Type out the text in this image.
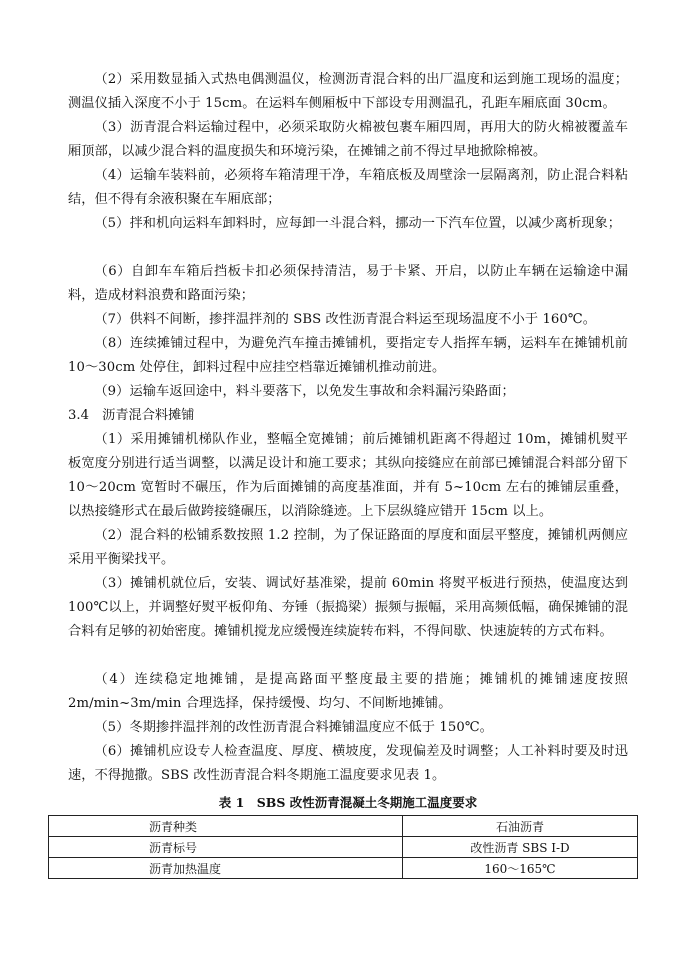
（2）采用数显插入式热电偶测温仪，检测沥青混合料的出厂温度和运到施工现场的温度；测温仪插入深度不小于 15cm。在运料车侧厢板中下部设专用测温孔，孔距车厢底面 30cm。

（3）沥青混合料运输过程中，必须采取防火棉被包裹车厢四周，再用大的防火棉被覆盖车厢顶部，以减少混合料的温度损失和环境污染，在摊铺之前不得过早地掀除棉被。

（4）运输车装料前，必须将车箱清理干净，车箱底板及周壁涂一层隔离剂，防止混合料粘结，但不得有余液积聚在车厢底部；

（5）拌和机向运料车卸料时，应每卸一斗混合料，挪动一下汽车位置，以减少离析现象；

（6）自卸车车箱后挡板卡扣必须保持清洁，易于卡紧、开启，以防止车辆在运输途中漏料，造成材料浪费和路面污染；

（7）供料不间断，掺拌温拌剂的 SBS 改性沥青混合料运至现场温度不小于 160℃。

（8）连续摊铺过程中，为避免汽车撞击摊铺机，要指定专人指挥车辆，运料车在摊铺机前 10～30cm 处停住，卸料过程中应挂空档靠近摊铺机推动前进。

（9）运输车返回途中，料斗要落下，以免发生事故和余料漏污染路面；

3.4　沥青混合料摊铺

（1）采用摊铺机梯队作业，整幅全宽摊铺；前后摊铺机距离不得超过 10m，摊铺机熨平板宽度分别进行适当调整，以满足设计和施工要求；其纵向接缝应在前部已摊铺混合料部分留下 10～20cm 宽暂时不碾压，作为后面摊铺的高度基准面，并有 5~10cm 左右的摊铺层重叠，以热接缝形式在最后做跨接缝碾压，以消除缝迹。上下层纵缝应错开 15cm 以上。

（2）混合料的松铺系数按照 1.2 控制，为了保证路面的厚度和面层平整度，摊铺机两侧应采用平衡梁找平。

（3）摊铺机就位后，安装、调试好基准梁，提前 60min 将熨平板进行预热，使温度达到 100℃以上，并调整好熨平板仰角、夯锤（振捣梁）振频与振幅，采用高频低幅，确保摊铺的混合料有足够的初始密度。摊铺机搅龙应缓慢连续旋转布料，不得间歇、快速旋转的方式布料。

（4）连续稳定地摊铺，是提高路面平整度最主要的措施；摊铺机的摊铺速度按照 2m/min~3m/min 合理选择，保持缓慢、均匀、不间断地摊铺。

（5）冬期掺拌温拌剂的改性沥青混合料摊铺温度应不低于 150℃。

（6）摊铺机应设专人检查温度、厚度、横坡度，发现偏差及时调整；人工补料时要及时迅速，不得抛撒。SBS 改性沥青混合料冬期施工温度要求见表 1。

表 1　SBS 改性沥青混凝土冬期施工温度要求

沥青种类	石油沥青
沥青标号	改性沥青 SBS I-D
沥青加热温度	160～165℃
